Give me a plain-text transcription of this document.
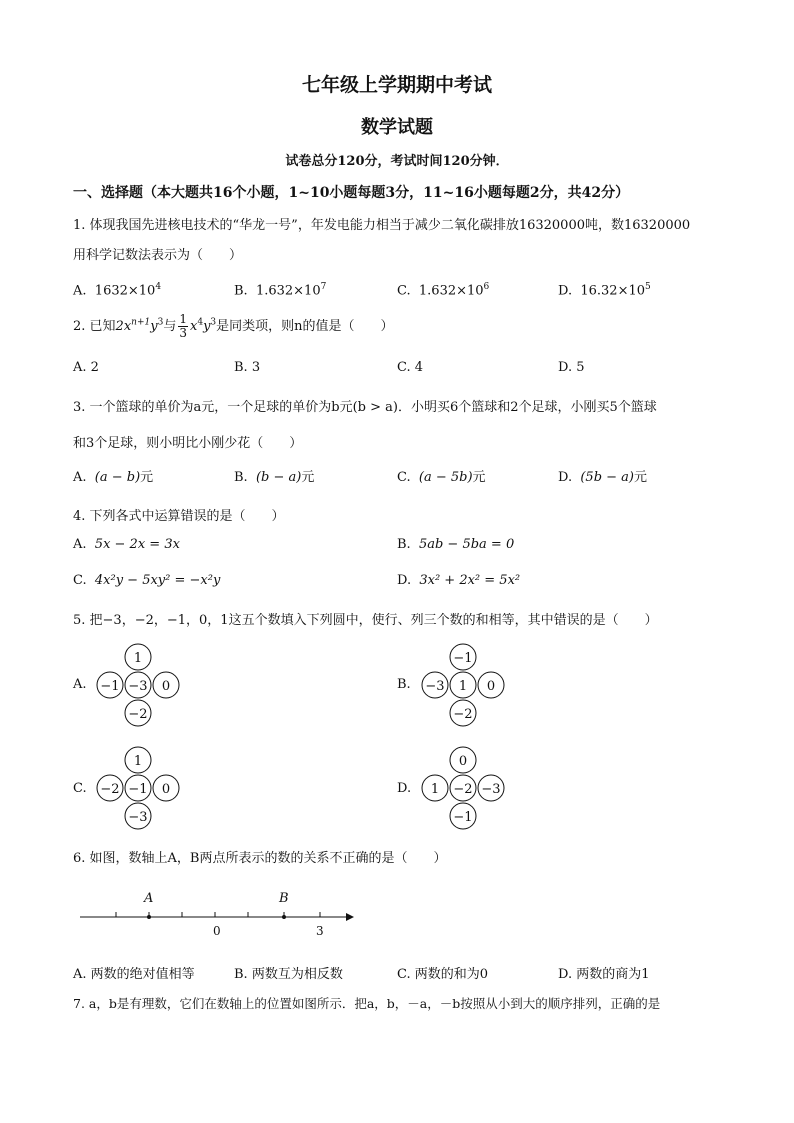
七年级上学期期中考试
数学试题
试卷总分120分，考试时间120分钟．
一、选择题（本大题共16个小题，1~10小题每题3分，11~16小题每题2分，共42分）
1. 体现我国先进核电技术的“华龙一号”，年发电能力相当于减少二氧化碳排放16320000吨，数16320000
用科学记数法表示为（　　）
A. $1632\times 10^4$	B. $1.632\times 10^7$	C. $1.632\times 10^6$	D. $16.32\times 10^5$
2. 已知$2x^{n+1}y^3$与 $\frac{1}{3} x^4y^3$是同类项，则n的值是（　　）
A. 2	B. 3	C. 4	D. 5
3. 一个篮球的单价为a元，一个足球的单价为b元(b > a)．小明买6个篮球和2个足球，小刚买5个篮球
和3个足球，则小明比小刚少花（　　）
A. (a − b)元	B. (b − a)元	C. (a − 5b)元	D. (5b − a)元
4. 下列各式中运算错误的是（　　）
A. 5x − 2x = 3x	B. 5ab − 5ba = 0
C. 4x²y − 5xy² = −x²y	D. 3x² + 2x² = 5x²
5. 把−3，−2，−1，0，1这五个数填入下列圆中，使行、列三个数的和相等，其中错误的是（　　）
A.
1
−1 −3 0
−2
B.
−1
−3 1 0
−2
C.
1
−2 −1 0
−3
D.
0
1 −2 −3
−1
6. 如图，数轴上A，B两点所表示的数的关系不正确的是（　　）
A	B
0	3
A. 两数的绝对值相等	B. 两数互为相反数	C. 两数的和为0	D. 两数的商为1
7. a，b是有理数，它们在数轴上的位置如图所示．把a，b，－a，－b按照从小到大的顺序排列，正确的是
